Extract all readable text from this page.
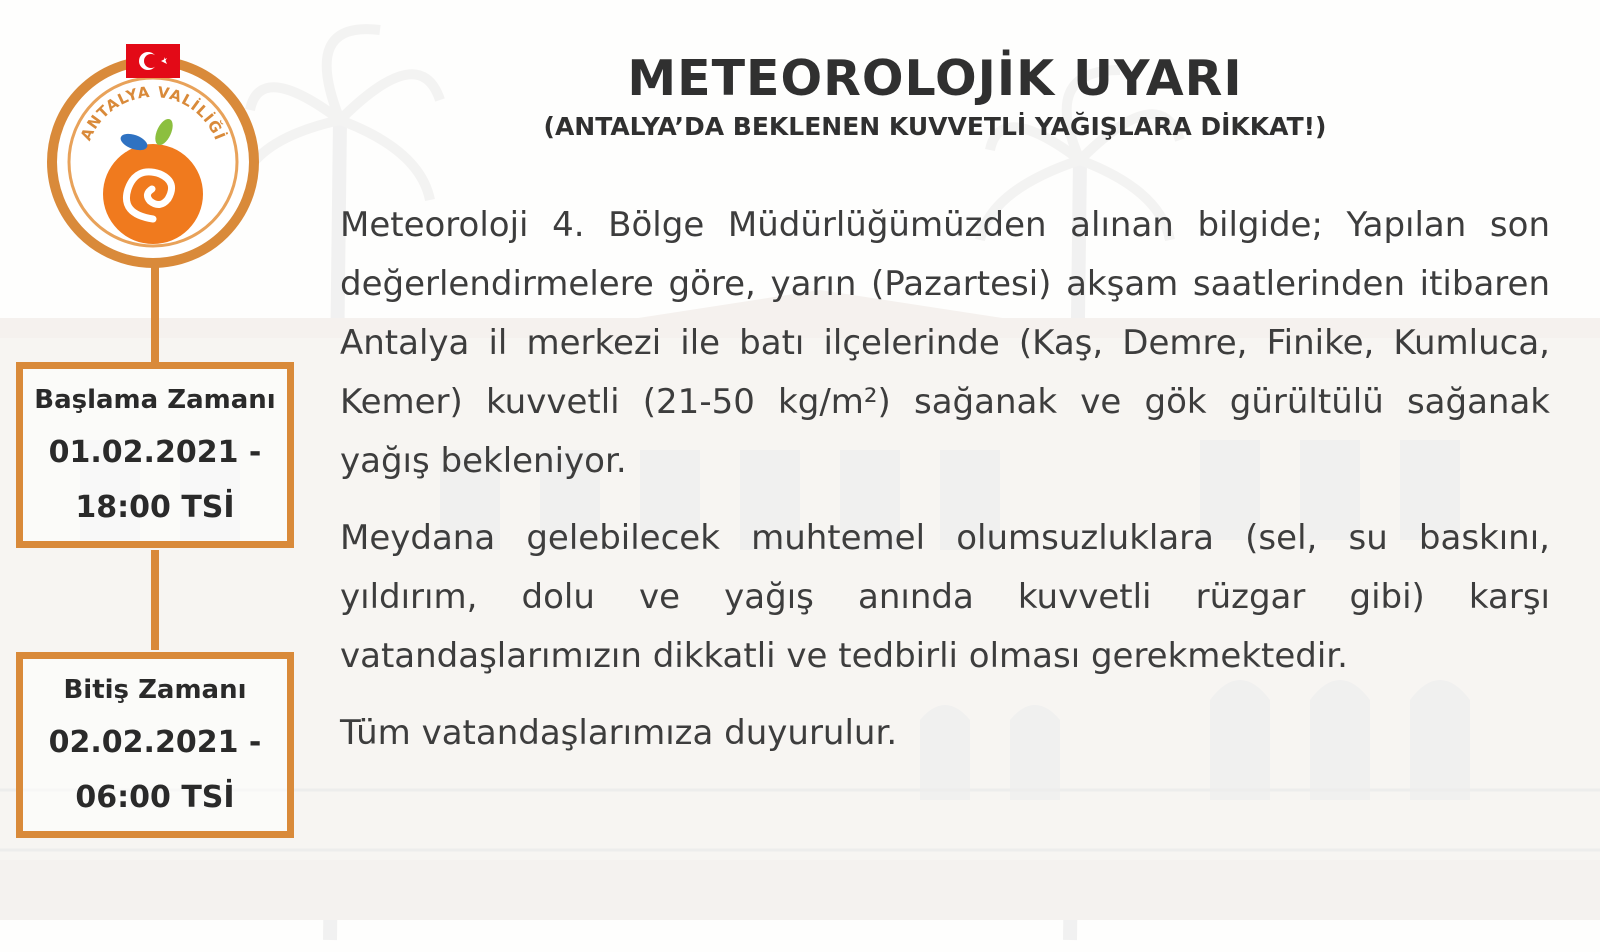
ANTALYA VALİLİĞİ
Başlama Zamanı
01.02.2021 -
18:00 TSİ
Bitiş Zamanı
02.02.2021 -
06:00 TSİ
METEOROLOJİK UYARI
(ANTALYA’DA BEKLENEN KUVVETLİ YAĞIŞLARA DİKKAT!)

Meteoroloji 4. Bölge Müdürlüğümüzden alınan bilgide; Yapılan son değerlendirmelere göre, yarın (Pazartesi) akşam saatlerinden itibaren Antalya il merkezi ile batı ilçelerinde (Kaş, Demre, Finike, Kumluca, Kemer) kuvvetli (21-50 kg/m²) sağanak ve gök gürültülü sağanak yağış bekleniyor.

Meydana gelebilecek muhtemel olumsuzluklara (sel, su baskını, yıldırım, dolu ve yağış anında kuvvetli rüzgar gibi) karşı vatandaşlarımızın dikkatli ve tedbirli olması gerekmektedir.

Tüm vatandaşlarımıza duyurulur.
